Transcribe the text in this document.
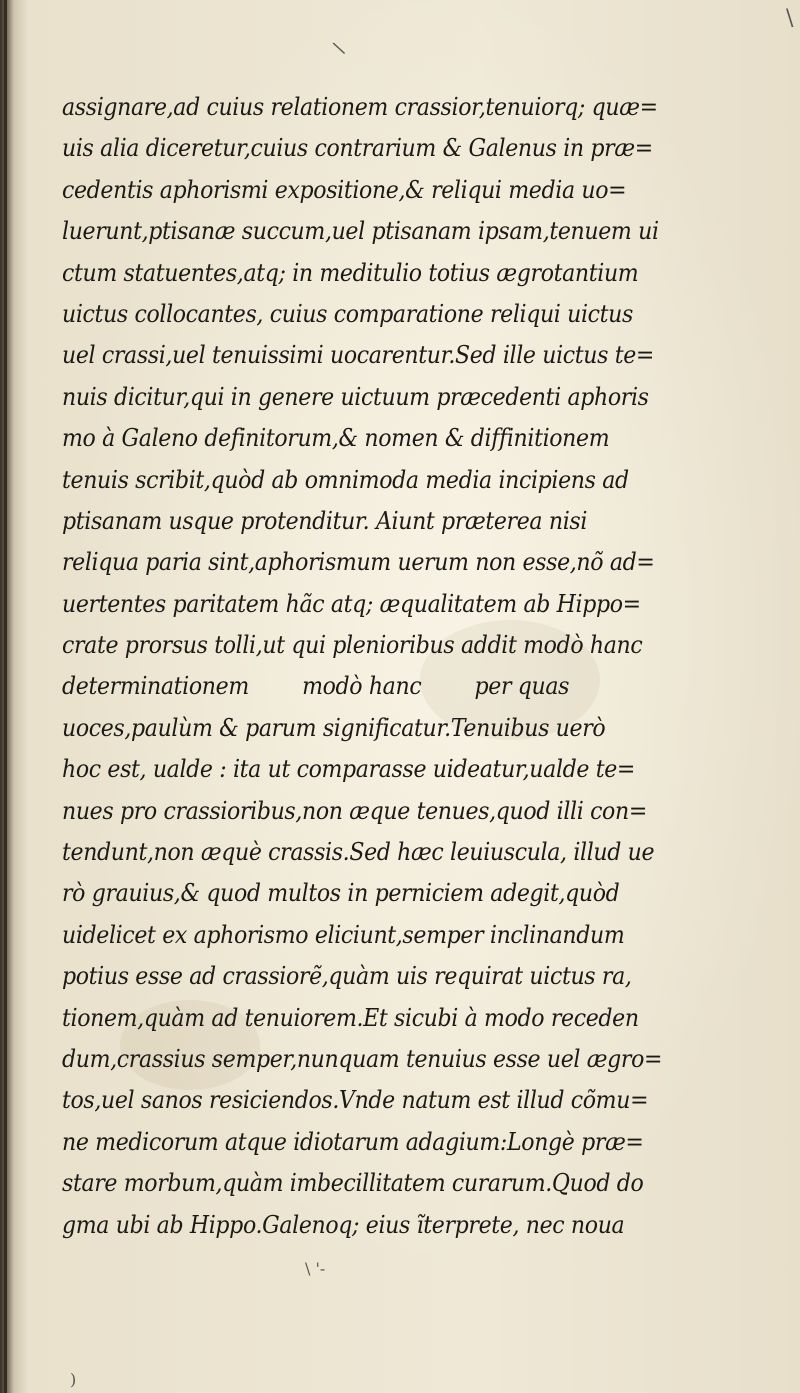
\
\
\ '-
)
assignare,ad cuius relationem crassior,tenuiorq; quæ=
uis alia diceretur,cuius contrarium & Galenus in præ=
cedentis aphorismi expositione,& reliqui media uo=
luerunt,ptisanæ succum,uel ptisanam ipsam,tenuem ui
ctum statuentes,atq; in meditulio totius ægrotantium
uictus collocantes, cuius comparatione reliqui uictus
uel crassi,uel tenuissimi uocarentur.Sed ille uictus te=
nuis dicitur,qui in genere uictuum præcedenti aphoris
mo à Galeno definitorum,& nomen & diffinitionem
tenuis scribit,quòd ab omnimoda media incipiens ad
ptisanam usque protenditur. Aiunt præterea nisi
reliqua paria sint,aphorismum uerum non esse,nõ ad=
uertentes paritatem hãc atq; æqualitatem ab Hippo=
crate prorsus tolli,ut qui plenioribus addit modò hanc
determinationem        modò hanc        per quas
uoces,paulùm & parum significatur.Tenuibus uerò
hoc est, ualde : ita ut comparasse uideatur,ualde te=
nues pro crassioribus,non æque tenues,quod illi con=
tendunt,non æquè crassis.Sed hæc leuiuscula, illud ue
rò grauius,& quod multos in perniciem adegit,quòd
uidelicet ex aphorismo eliciunt,semper inclinandum
potius esse ad crassiorẽ,quàm uis requirat uictus ra,
tionem,quàm ad tenuiorem.Et sicubi à modo receden
dum,crassius semper,nunquam tenuius esse uel ægro=
tos,uel sanos resiciendos.Vnde natum est illud cõmu=
ne medicorum atque idiotarum adagium:Longè præ=
stare morbum,quàm imbecillitatem curarum.Quod do
gma ubi ab Hippo.Galenoq; eius ĩterprete, nec noua
